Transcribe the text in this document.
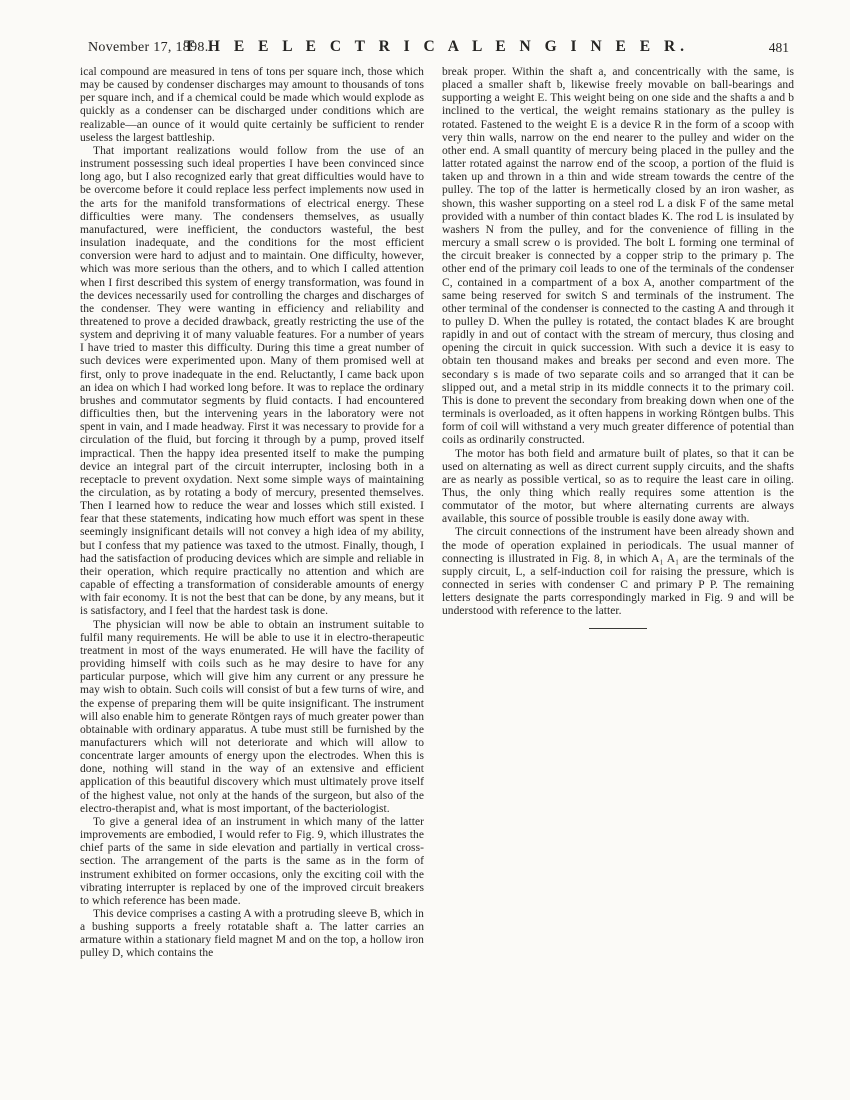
November 17, 1898.
T H E E L E C T R I C A L E N G I N E E R.	481

ical compound are measured in tens of tons per square inch, those which may be caused by condenser discharges may amount to thousands of tons per square inch, and if a chemical could be made which would explode as quickly as a condenser can be discharged under conditions which are realizable—an ounce of it would quite certainly be sufficient to render useless the largest battleship.

That important realizations would follow from the use of an instrument possessing such ideal properties I have been convinced since long ago, but I also recognized early that great difficulties would have to be overcome before it could replace less perfect implements now used in the arts for the manifold transformations of electrical energy. These difficulties were many. The condensers themselves, as usually manufactured, were inefficient, the conductors wasteful, the best insulation inadequate, and the conditions for the most efficient conversion were hard to adjust and to maintain. One difficulty, however, which was more serious than the others, and to which I called attention when I first described this system of energy transformation, was found in the devices necessarily used for controlling the charges and discharges of the condenser. They were wanting in efficiency and reliability and threatened to prove a decided drawback, greatly restricting the use of the system and depriving it of many valuable features. For a number of years I have tried to master this difficulty. During this time a great number of such devices were experimented upon. Many of them promised well at first, only to prove inadequate in the end. Reluctantly, I came back upon an idea on which I had worked long before. It was to replace the ordinary brushes and commutator segments by fluid contacts. I had encountered difficulties then, but the intervening years in the laboratory were not spent in vain, and I made headway. First it was necessary to provide for a circulation of the fluid, but forcing it through by a pump, proved itself impractical. Then the happy idea presented itself to make the pumping device an integral part of the circuit interrupter, inclosing both in a receptacle to prevent oxydation. Next some simple ways of maintaining the circulation, as by rotating a body of mercury, presented themselves. Then I learned how to reduce the wear and losses which still existed. I fear that these statements, indicating how much effort was spent in these seemingly insignificant details will not convey a high idea of my ability, but I confess that my patience was taxed to the utmost. Finally, though, I had the satisfaction of producing devices which are simple and reliable in their operation, which require practically no attention and which are capable of effecting a transformation of considerable amounts of energy with fair economy. It is not the best that can be done, by any means, but it is satisfactory, and I feel that the hardest task is done.

The physician will now be able to obtain an instrument suitable to fulfil many requirements. He will be able to use it in electro-therapeutic treatment in most of the ways enumerated. He will have the facility of providing himself with coils such as he may desire to have for any particular purpose, which will give him any current or any pressure he may wish to obtain. Such coils will consist of but a few turns of wire, and the expense of preparing them will be quite insignificant. The instrument will also enable him to generate Röntgen rays of much greater power than obtainable with ordinary apparatus. A tube must still be furnished by the manufacturers which will not deteriorate and which will allow to concentrate larger amounts of energy upon the electrodes. When this is done, nothing will stand in the way of an extensive and efficient application of this beautiful discovery which must ultimately prove itself of the highest value, not only at the hands of the surgeon, but also of the electro-therapist and, what is most important, of the bacteriologist.

To give a general idea of an instrument in which many of the latter improvements are embodied, I would refer to Fig. 9, which illustrates the chief parts of the same in side elevation and partially in vertical cross-section. The arrangement of the parts is the same as in the form of instrument exhibited on former occasions, only the exciting coil with the vibrating interrupter is replaced by one of the improved circuit breakers to which reference has been made.

This device comprises a casting A with a protruding sleeve B, which in a bushing supports a freely rotatable shaft a. The latter carries an armature within a stationary field magnet M and on the top, a hollow iron pulley D, which contains the

break proper. Within the shaft a, and concentrically with the same, is placed a smaller shaft b, likewise freely movable on ball-bearings and supporting a weight E. This weight being on one side and the shafts a and b inclined to the vertical, the weight remains stationary as the pulley is rotated. Fastened to the weight E is a device R in the form of a scoop with very thin walls, narrow on the end nearer to the pulley and wider on the other end. A small quantity of mercury being placed in the pulley and the latter rotated against the narrow end of the scoop, a portion of the fluid is taken up and thrown in a thin and wide stream towards the centre of the pulley. The top of the latter is hermetically closed by an iron washer, as shown, this washer supporting on a steel rod L a disk F of the same metal provided with a number of thin contact blades K. The rod L is insulated by washers N from the pulley, and for the convenience of filling in the mercury a small screw o is provided. The bolt L forming one terminal of the circuit breaker is connected by a copper strip to the primary p. The other end of the primary coil leads to one of the terminals of the condenser C, contained in a compartment of a box A, another compartment of the same being reserved for switch S and terminals of the instrument. The other terminal of the condenser is connected to the casting A and through it to pulley D. When the pulley is rotated, the contact blades K are brought rapidly in and out of contact with the stream of mercury, thus closing and opening the circuit in quick succession. With such a device it is easy to obtain ten thousand makes and breaks per second and even more. The secondary s is made of two separate coils and so arranged that it can be slipped out, and a metal strip in its middle connects it to the primary coil. This is done to prevent the secondary from breaking down when one of the terminals is overloaded, as it often happens in working Röntgen bulbs. This form of coil will withstand a very much greater difference of potential than coils as ordinarily constructed.

The motor has both field and armature built of plates, so that it can be used on alternating as well as direct current supply circuits, and the shafts are as nearly as possible vertical, so as to require the least care in oiling. Thus, the only thing which really requires some attention is the commutator of the motor, but where alternating currents are always available, this source of possible trouble is easily done away with.

The circuit connections of the instrument have been already shown and the mode of operation explained in periodicals. The usual manner of connecting is illustrated in Fig. 8, in which A₁ A₁ are the terminals of the supply circuit, L, a self-induction coil for raising the pressure, which is connected in series with condenser C and primary P P. The remaining letters designate the parts correspondingly marked in Fig. 9 and will be understood with reference to the latter.
